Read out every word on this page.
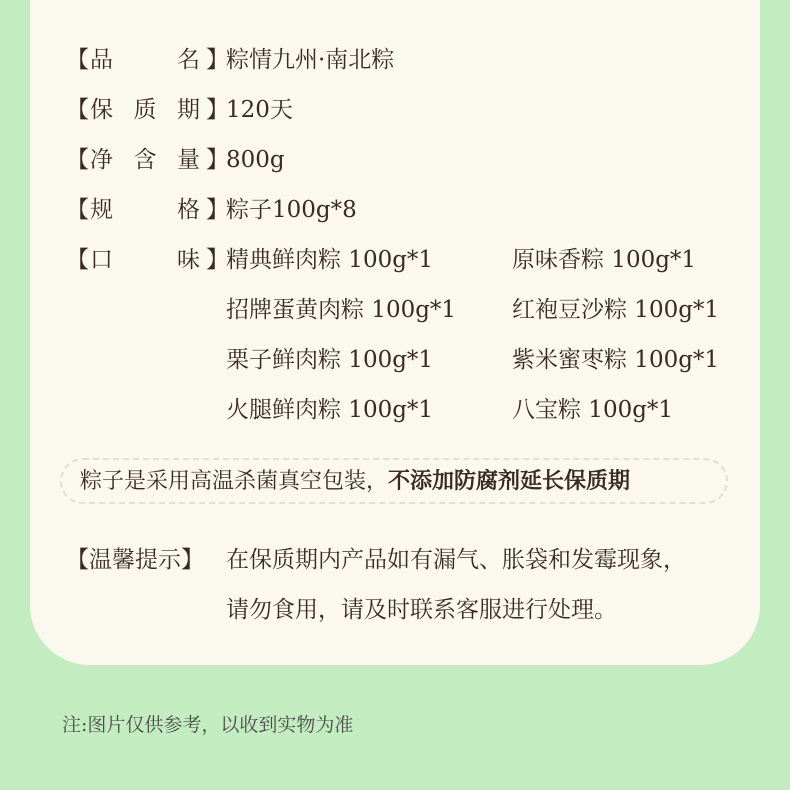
【 品	名 】
粽情九州·南北粽
【 保 质 期 】
120天
【 净 含 量 】
800g
【 规	格 】
粽子100g*8
【 口	味 】
精典鲜肉粽 100g*1	原味香粽 100g*1
招牌蛋黄肉粽 100g*1 红袍豆沙粽 100g*1
栗子鲜肉粽 100g*1	紫米蜜枣粽 100g*1
火腿鲜肉粽 100g*1	八宝粽 100g*1
粽子是采用高温杀菌真空包装，不添加防腐剂延长保质期
【温馨提示】 在保质期内产品如有漏气、胀袋和发霉现象，
请勿食用，请及时联系客服进行处理。
注:图片仅供参考，以收到实物为准
